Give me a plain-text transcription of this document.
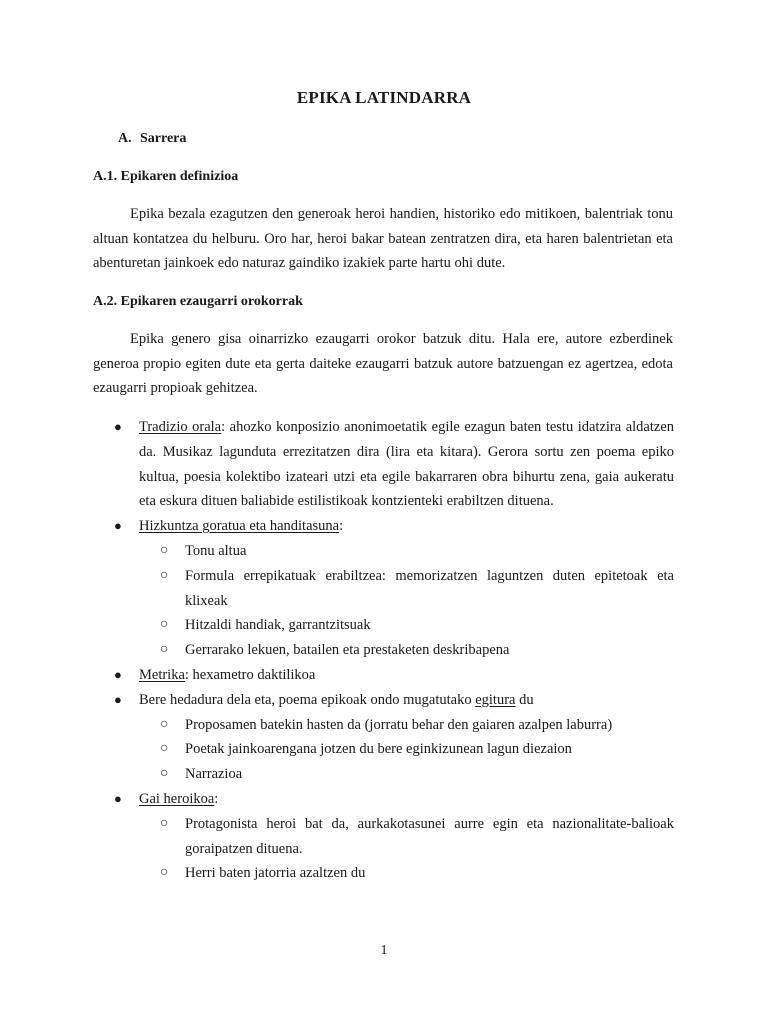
EPIKA LATINDARRA
A. Sarrera
A.1. Epikaren definizioa

Epika bezala ezagutzen den generoak heroi handien, historiko edo mitikoen, balentriak tonu altuan kontatzea du helburu. Oro har, heroi bakar batean zentratzen dira, eta haren balentrietan eta abenturetan jainkoek edo naturaz gaindiko izakiek parte hartu ohi dute.

A.2. Epikaren ezaugarri orokorrak

Epika genero gisa oinarrizko ezaugarri orokor batzuk ditu. Hala ere, autore ezberdinek generoa propio egiten dute eta gerta daiteke ezaugarri batzuk autore batzuengan ez agertzea, edota ezaugarri propioak gehitzea.

● Tradizio orala: ahozko konposizio anonimoetatik egile ezagun baten testu idatzira aldatzen da. Musikaz lagunduta errezitatzen dira (lira eta kitara). Gerora sortu zen poema epiko kultua, poesia kolektibo izateari utzi eta egile bakarraren obra bihurtu zena, gaia aukeratu eta eskura dituen baliabide estilistikoak kontzienteki erabiltzen dituena.
● Hizkuntza goratua eta handitasuna:
○ Tonu altua
○ Formula errepikatuak erabiltzea: memorizatzen laguntzen duten epitetoak eta klixeak
○ Hitzaldi handiak, garrantzitsuak
○ Gerrarako lekuen, batailen eta prestaketen deskribapena
● Metrika: hexametro daktilikoa
● Bere hedadura dela eta, poema epikoak ondo mugatutako egitura du
○ Proposamen batekin hasten da (jorratu behar den gaiaren azalpen laburra)
○ Poetak jainkoarengana jotzen du bere eginkizunean lagun diezaion
○ Narrazioa
● Gai heroikoa:
○ Protagonista heroi bat da, aurkakotasunei aurre egin eta nazionalitate-balioak goraipatzen dituena.
○ Herri baten jatorria azaltzen du
1
